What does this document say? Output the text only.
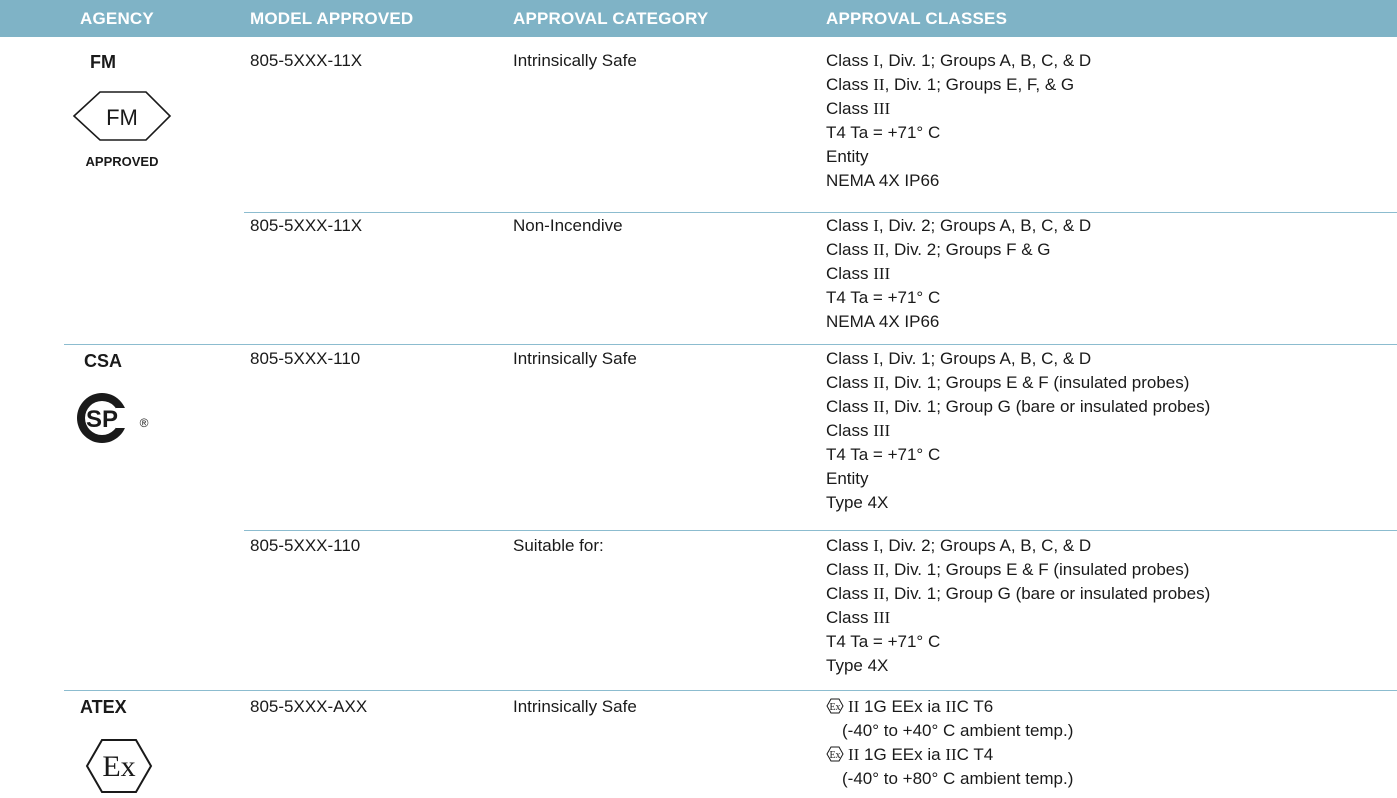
AGENCY	MODEL APPROVED	APPROVAL CATEGORY	APPROVAL CLASSES
FM
FM
APPROVED
805-5XXX-11X	Intrinsically Safe	Class I, Div. 1; Groups A, B, C, & D
Class II, Div. 1; Groups E, F, & G
Class III
T4 Ta = +71° C
Entity
NEMA 4X IP66
805-5XXX-11X	Non-Incendive	Class I, Div. 2; Groups A, B, C, & D
Class II, Div. 2; Groups F & G
Class III
T4 Ta = +71° C
NEMA 4X IP66
CSA	805-5XXX-110	Intrinsically Safe	Class I, Div. 1; Groups A, B, C, & D
Class II, Div. 1; Groups E & F (insulated probes)
Class II, Div. 1; Group G (bare or insulated probes)
Class III
T4 Ta = +71° C
Entity
Type 4X
SP ®
805-5XXX-110	Suitable for:	Class I, Div. 2; Groups A, B, C, & D
Class II, Div. 1; Groups E & F (insulated probes)
Class II, Div. 1; Group G (bare or insulated probes)
Class III
T4 Ta = +71° C
Type 4X
ATEX	805-5XXX-AXX	Intrinsically Safe	Ex II 1G EEx ia IIC T6
(-40° to +40° C ambient temp.)
Ex II 1G EEx ia IIC T4
(-40° to +80° C ambient temp.)
Ex
